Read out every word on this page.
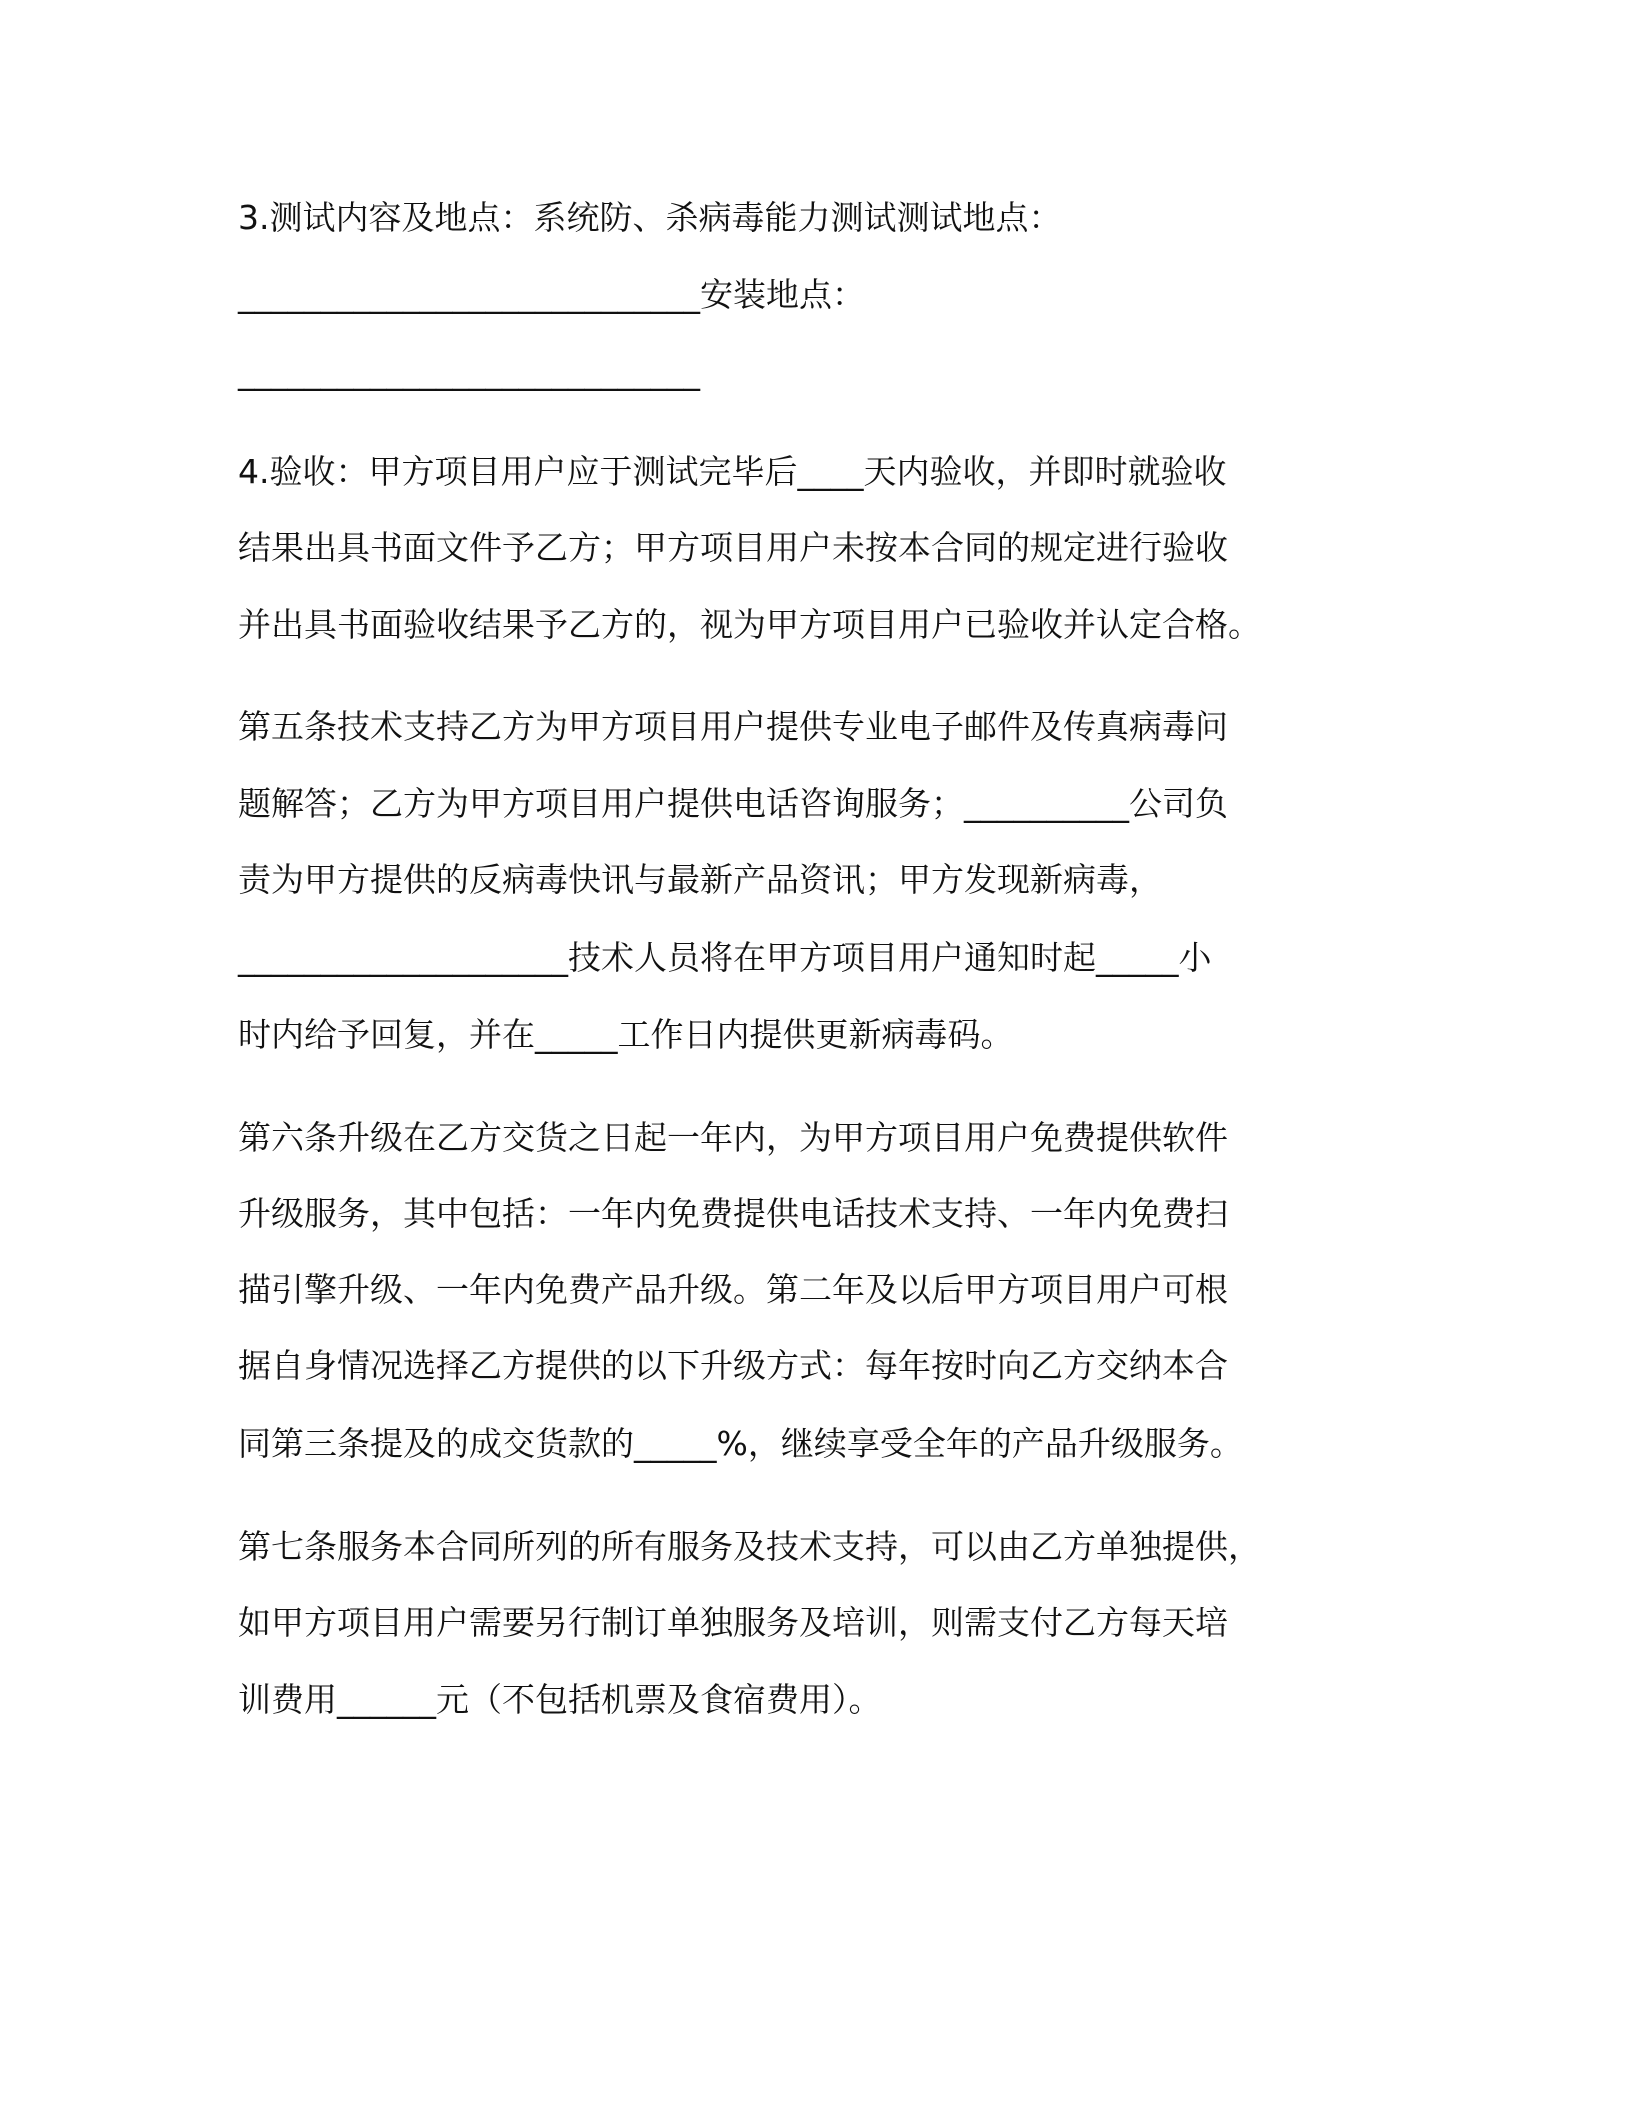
3.测试内容及地点：系统防、杀病毒能力测试测试地点：
____________________________安装地点：
____________________________
4.验收：甲方项目用户应于测试完毕后____天内验收，并即时就验收
结果出具书面文件予乙方；甲方项目用户未按本合同的规定进行验收
并出具书面验收结果予乙方的，视为甲方项目用户已验收并认定合格。
第五条技术支持乙方为甲方项目用户提供专业电子邮件及传真病毒问
题解答；乙方为甲方项目用户提供电话咨询服务；__________公司负
责为甲方提供的反病毒快讯与最新产品资讯；甲方发现新病毒，
____________________技术人员将在甲方项目用户通知时起_____小
时内给予回复，并在_____工作日内提供更新病毒码。
第六条升级在乙方交货之日起一年内，为甲方项目用户免费提供软件
升级服务，其中包括：一年内免费提供电话技术支持、一年内免费扫
描引擎升级、一年内免费产品升级。第二年及以后甲方项目用户可根
据自身情况选择乙方提供的以下升级方式：每年按时向乙方交纳本合
同第三条提及的成交货款的_____%，继续享受全年的产品升级服务。
第七条服务本合同所列的所有服务及技术支持，可以由乙方单独提供，
如甲方项目用户需要另行制订单独服务及培训，则需支付乙方每天培
训费用______元（不包括机票及食宿费用）。
